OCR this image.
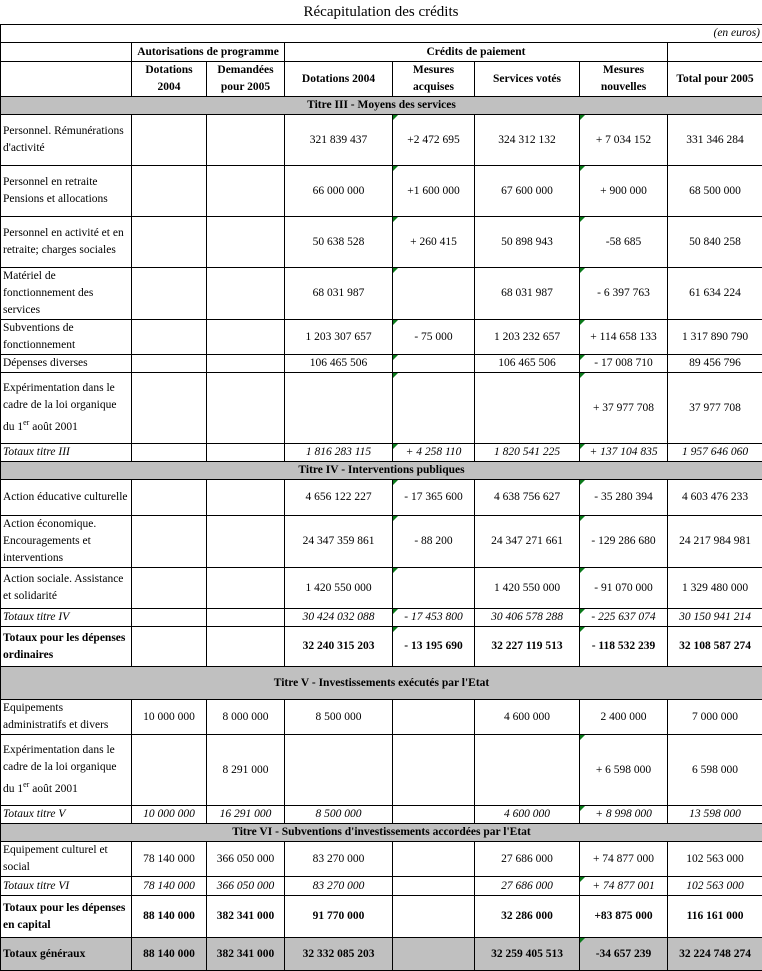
Récapitulation des crédits
							(en euros)
	Autorisations de programme		Crédits de paiement				
	Dotations 2004	Demandées pour 2005	Dotations 2004	Mesures acquises	Services votés	Mesures nouvelles	Total pour 2005
Titre III - Moyens des services							
Personnel. Rémunérations d'activité			321 839 437	+2 472 695	324 312 132	+ 7 034 152	331 346 284
Personnel en retraite Pensions et allocations			66 000 000	+1 600 000	67 600 000	+ 900 000	68 500 000
Personnel en activité et en retraite; charges sociales			50 638 528	+ 260 415	50 898 943	-58 685	50 840 258
Matériel de fonctionnement des services			68 031 987		68 031 987	- 6 397 763	61 634 224
Subventions de fonctionnement			1 203 307 657	- 75 000	1 203 232 657	+ 114 658 133	1 317 890 790
Dépenses diverses			106 465 506		106 465 506	- 17 008 710	89 456 796
Expérimentation dans le cadre de la loi organique du 1er août 2001						+ 37 977 708	37 977 708
Totaux titre III			1 816 283 115	+ 4 258 110	1 820 541 225	+ 137 104 835	1 957 646 060
Titre IV - Interventions publiques							
Action éducative culturelle			4 656 122 227	- 17 365 600	4 638 756 627	- 35 280 394	4 603 476 233
Action économique. Encouragements et interventions			24 347 359 861	- 88 200	24 347 271 661	- 129 286 680	24 217 984 981
Action sociale. Assistance et solidarité			1 420 550 000		1 420 550 000	- 91 070 000	1 329 480 000
Totaux titre IV			30 424 032 088	- 17 453 800	30 406 578 288	- 225 637 074	30 150 941 214
Totaux pour les dépenses ordinaires			32 240 315 203	- 13 195 690	32 227 119 513	- 118 532 239	32 108 587 274
Titre V - Investissements exécutés par l'Etat							
Equipements administratifs et divers	10 000 000	8 000 000	8 500 000		4 600 000	2 400 000	7 000 000
Expérimentation dans le cadre de la loi organique du 1er août 2001		8 291 000				+ 6 598 000	6 598 000
Totaux titre V	10 000 000	16 291 000	8 500 000		4 600 000	+ 8 998 000	13 598 000
Titre VI - Subventions d'investissements accordées par l'Etat							
Equipement culturel et social	78 140 000	366 050 000	83 270 000		27 686 000	+ 74 877 000	102 563 000
Totaux titre VI	78 140 000	366 050 000	83 270 000		27 686 000	+ 74 877 001	102 563 000
Totaux pour les dépenses en capital	88 140 000	382 341 000	91 770 000		32 286 000	+83 875 000	116 161 000
Totaux généraux	88 140 000	382 341 000	32 332 085 203		32 259 405 513	-34 657 239	32 224 748 274
